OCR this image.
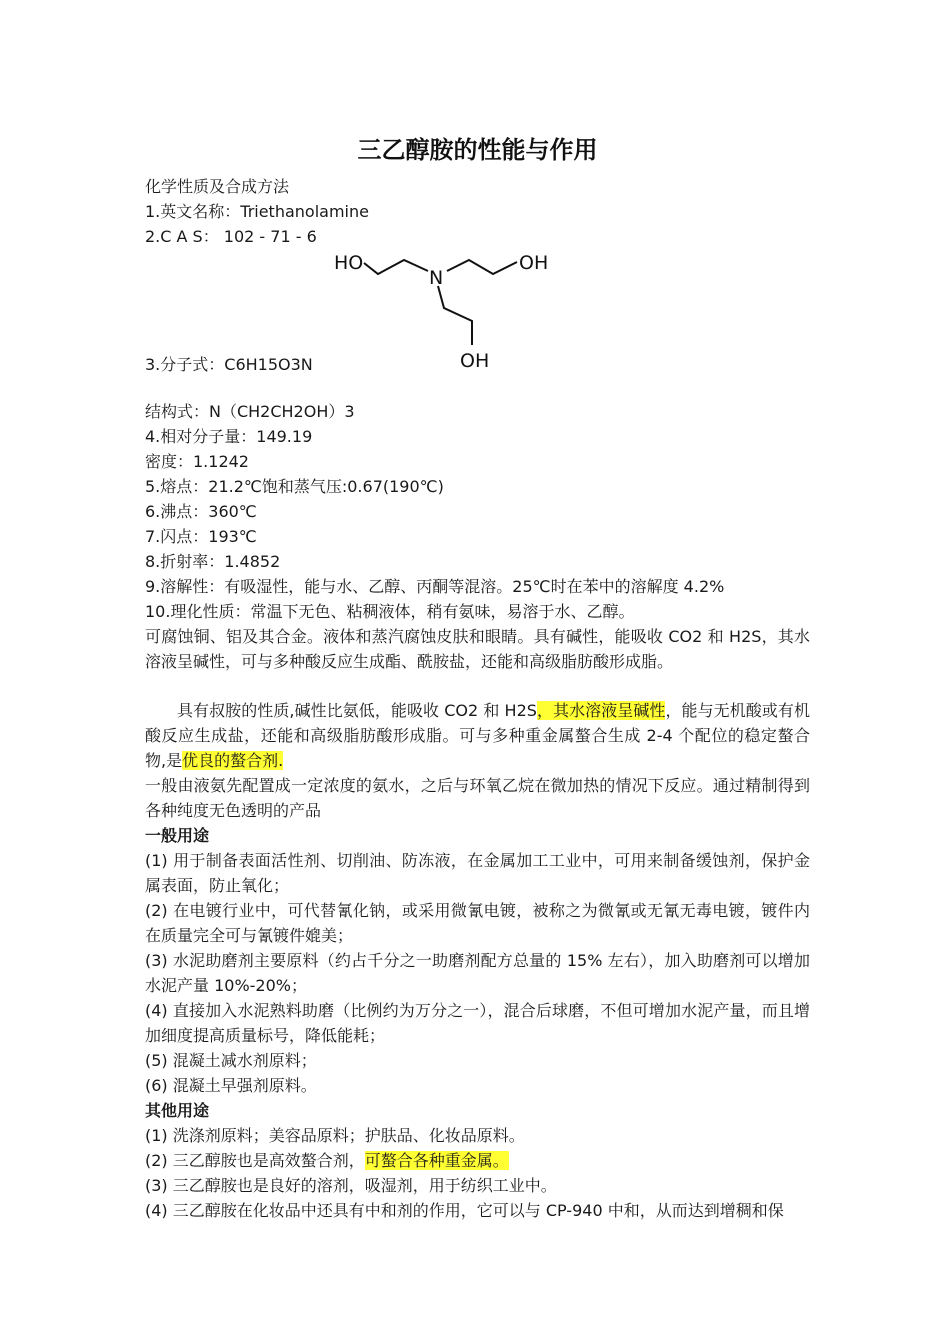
三乙醇胺的性能与作用
化学性质及合成方法
1.英文名称：Triethanolamine
2.C A S： 102 - 71 - 6
HO
N
OH
OH
3.分子式：C6H15O3N
结构式：N（CH2CH2OH）3
4.相对分子量：149.19
密度：1.1242
5.熔点：21.2℃饱和蒸气压:0.67(190℃)
6.沸点：360℃
7.闪点：193℃
8.折射率：1.4852
9.溶解性：有吸湿性，能与水、乙醇、丙酮等混溶。25℃时在苯中的溶解度 4.2%
10.理化性质：常温下无色、粘稠液体，稍有氨味，易溶于水、乙醇。
可腐蚀铜、铝及其合金。液体和蒸汽腐蚀皮肤和眼睛。具有碱性，能吸收 CO2 和 H2S，其水溶液呈碱性，可与多种酸反应生成酯、酰胺盐，还能和高级脂肪酸形成脂。
具有叔胺的性质,碱性比氨低，能吸收 CO2 和 H2S，其水溶液呈碱性，能与无机酸或有机酸反应生成盐，还能和高级脂肪酸形成脂。可与多种重金属螯合生成 2-4 个配位的稳定螯合物,是优良的螯合剂.
一般由液氨先配置成一定浓度的氨水，之后与环氧乙烷在微加热的情况下反应。通过精制得到各种纯度无色透明的产品
一般用途
(1) 用于制备表面活性剂、切削油、防冻液，在金属加工工业中，可用来制备缓蚀剂，保护金属表面，防止氧化；
(2) 在电镀行业中，可代替氰化钠，或采用微氰电镀，被称之为微氰或无氰无毒电镀，镀件内在质量完全可与氰镀件媲美；
(3) 水泥助磨剂主要原料（约占千分之一助磨剂配方总量的 15% 左右），加入助磨剂可以增加水泥产量 10%-20%；
(4) 直接加入水泥熟料助磨（比例约为万分之一），混合后球磨，不但可增加水泥产量，而且增加细度提高质量标号，降低能耗；
(5) 混凝土减水剂原料；
(6) 混凝土早强剂原料。
其他用途
(1) 洗涤剂原料；美容品原料；护肤品、化妆品原料。
(2) 三乙醇胺也是高效螯合剂，可螯合各种重金属。
(3) 三乙醇胺也是良好的溶剂，吸湿剂，用于纺织工业中。
(4) 三乙醇胺在化妆品中还具有中和剂的作用，它可以与 CP-940 中和，从而达到增稠和保
